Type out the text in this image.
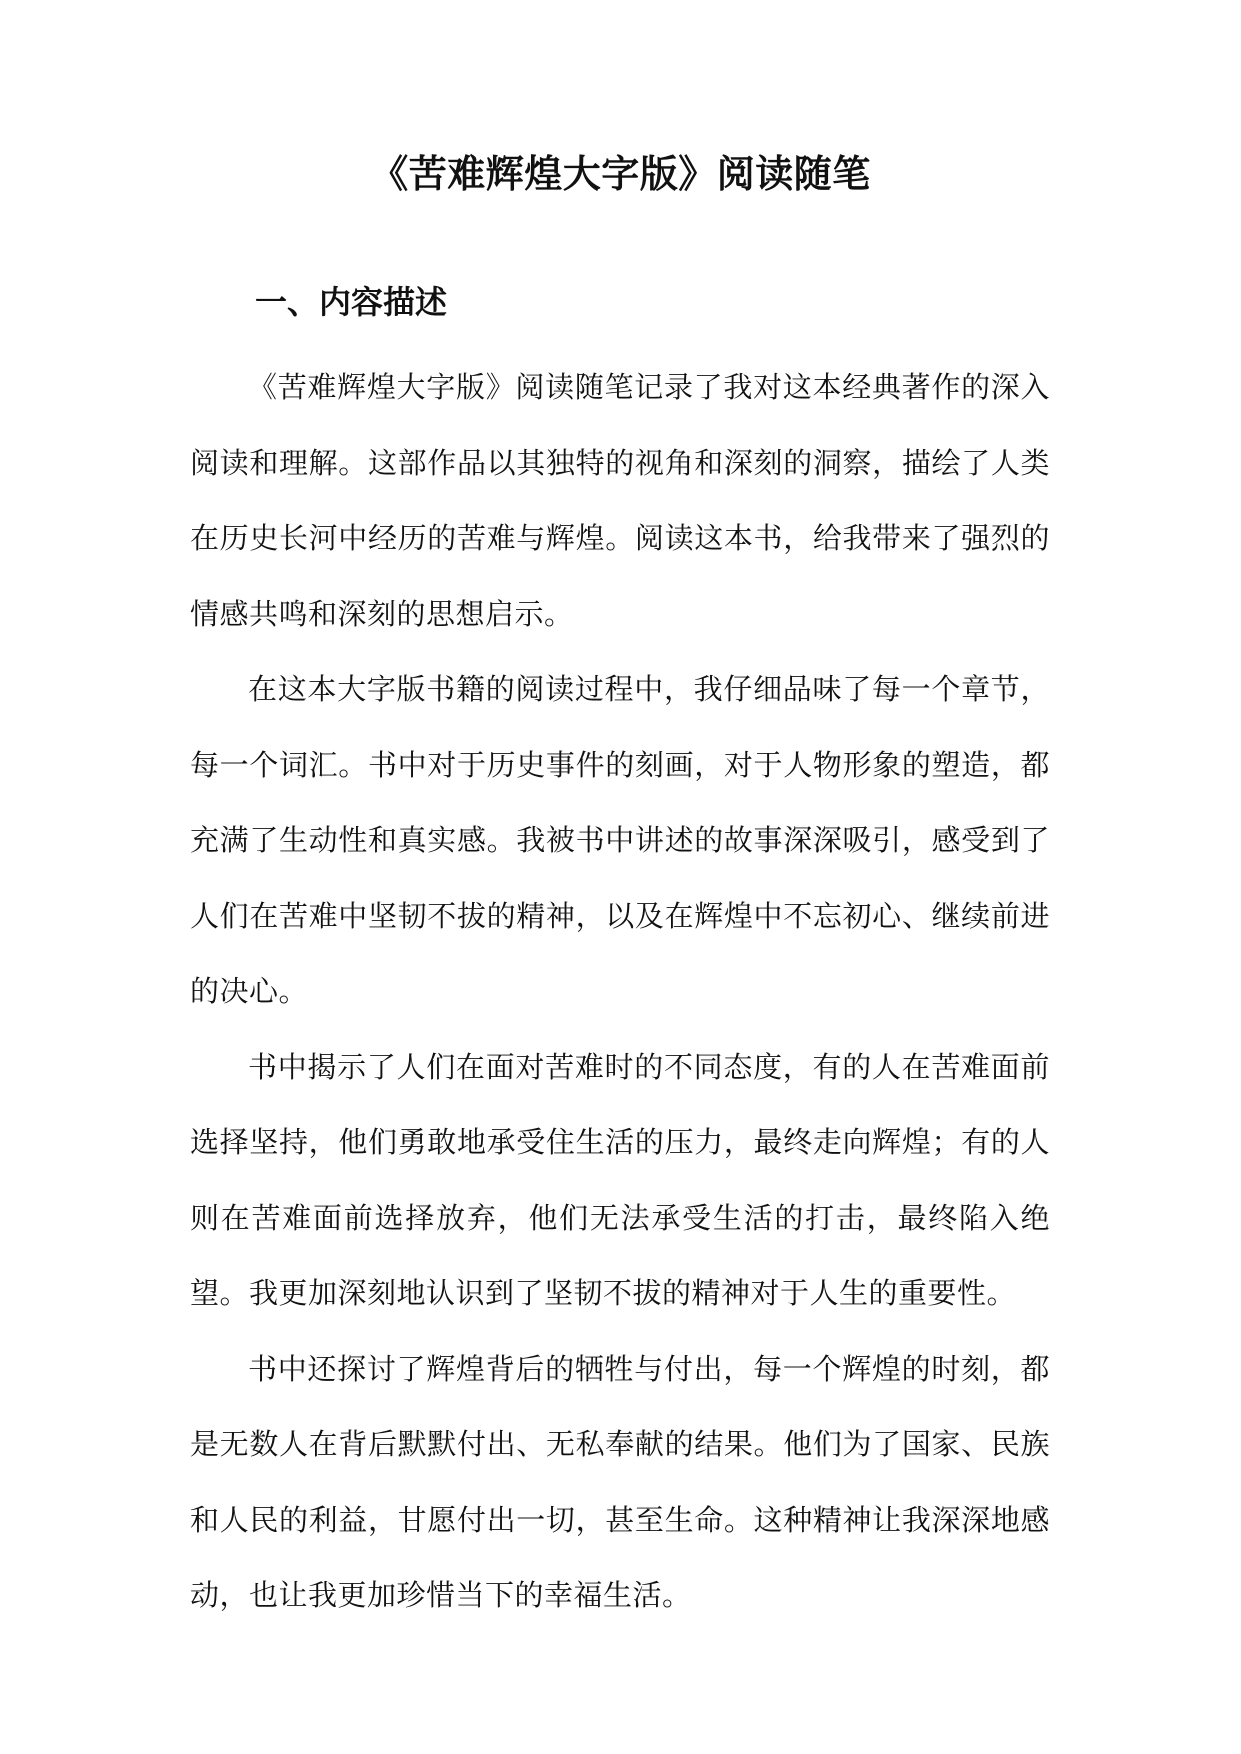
《苦难辉煌大字版》阅读随笔
一、内容描述

《苦难辉煌大字版》阅读随笔记录了我对这本经典著作的深入阅读和理解。这部作品以其独特的视角和深刻的洞察，描绘了人类在历史长河中经历的苦难与辉煌。阅读这本书，给我带来了强烈的情感共鸣和深刻的思想启示。

在这本大字版书籍的阅读过程中，我仔细品味了每一个章节，每一个词汇。书中对于历史事件的刻画，对于人物形象的塑造，都充满了生动性和真实感。我被书中讲述的故事深深吸引，感受到了人们在苦难中坚韧不拔的精神，以及在辉煌中不忘初心、继续前进的决心。

书中揭示了人们在面对苦难时的不同态度，有的人在苦难面前选择坚持，他们勇敢地承受住生活的压力，最终走向辉煌；有的人则在苦难面前选择放弃，他们无法承受生活的打击，最终陷入绝望。我更加深刻地认识到了坚韧不拔的精神对于人生的重要性。

书中还探讨了辉煌背后的牺牲与付出，每一个辉煌的时刻，都是无数人在背后默默付出、无私奉献的结果。他们为了国家、民族和人民的利益，甘愿付出一切，甚至生命。这种精神让我深深地感动，也让我更加珍惜当下的幸福生活。
